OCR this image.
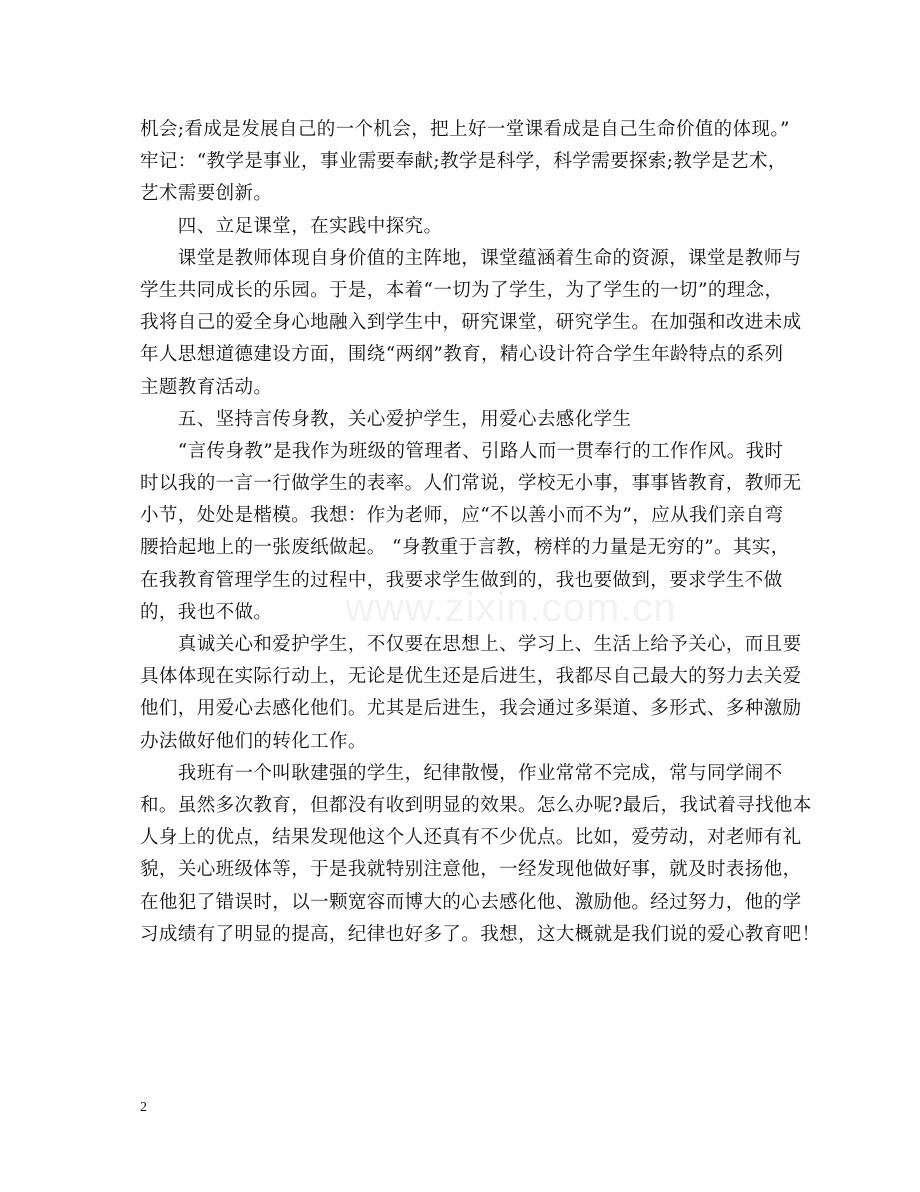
机会;看成是发展自己的一个机会，把上好一堂课看成是自己生命价值的体现。”
牢记：“教学是事业，事业需要奉献;教学是科学，科学需要探索;教学是艺术，
艺术需要创新。
　　四、立足课堂，在实践中探究。
　　课堂是教师体现自身价值的主阵地，课堂蕴涵着生命的资源，课堂是教师与
学生共同成长的乐园。于是，本着“一切为了学生，为了学生的一切”的理念，
我将自己的爱全身心地融入到学生中，研究课堂，研究学生。在加强和改进未成
年人思想道德建设方面，围绕“两纲”教育，精心设计符合学生年龄特点的系列
主题教育活动。
　　五、坚持言传身教，关心爱护学生，用爱心去感化学生
　　“言传身教”是我作为班级的管理者、引路人而一贯奉行的工作作风。我时
时以我的一言一行做学生的表率。人们常说，学校无小事，事事皆教育，教师无
小节，处处是楷模。我想：作为老师，应“不以善小而不为”，应从我们亲自弯
腰拾起地上的一张废纸做起。 “身教重于言教，榜样的力量是无穷的”。其实，
在我教育管理学生的过程中，我要求学生做到的，我也要做到，要求学生不做
的，我也不做。
　　真诚关心和爱护学生，不仅要在思想上、学习上、生活上给予关心，而且要
具体体现在实际行动上，无论是优生还是后进生，我都尽自己最大的努力去关爱
他们，用爱心去感化他们。尤其是后进生，我会通过多渠道、多形式、多种激励
办法做好他们的转化工作。
　　我班有一个叫耿建强的学生，纪律散慢，作业常常不完成，常与同学闹不
和。虽然多次教育，但都没有收到明显的效果。怎么办呢?最后，我试着寻找他本
人身上的优点，结果发现他这个人还真有不少优点。比如，爱劳动，对老师有礼
貌，关心班级体等，于是我就特别注意他，一经发现他做好事，就及时表扬他，
在他犯了错误时，以一颗宽容而博大的心去感化他、激励他。经过努力，他的学
习成绩有了明显的提高，纪律也好多了。我想，这大概就是我们说的爱心教育吧！
www.zixin.com.cn
2
